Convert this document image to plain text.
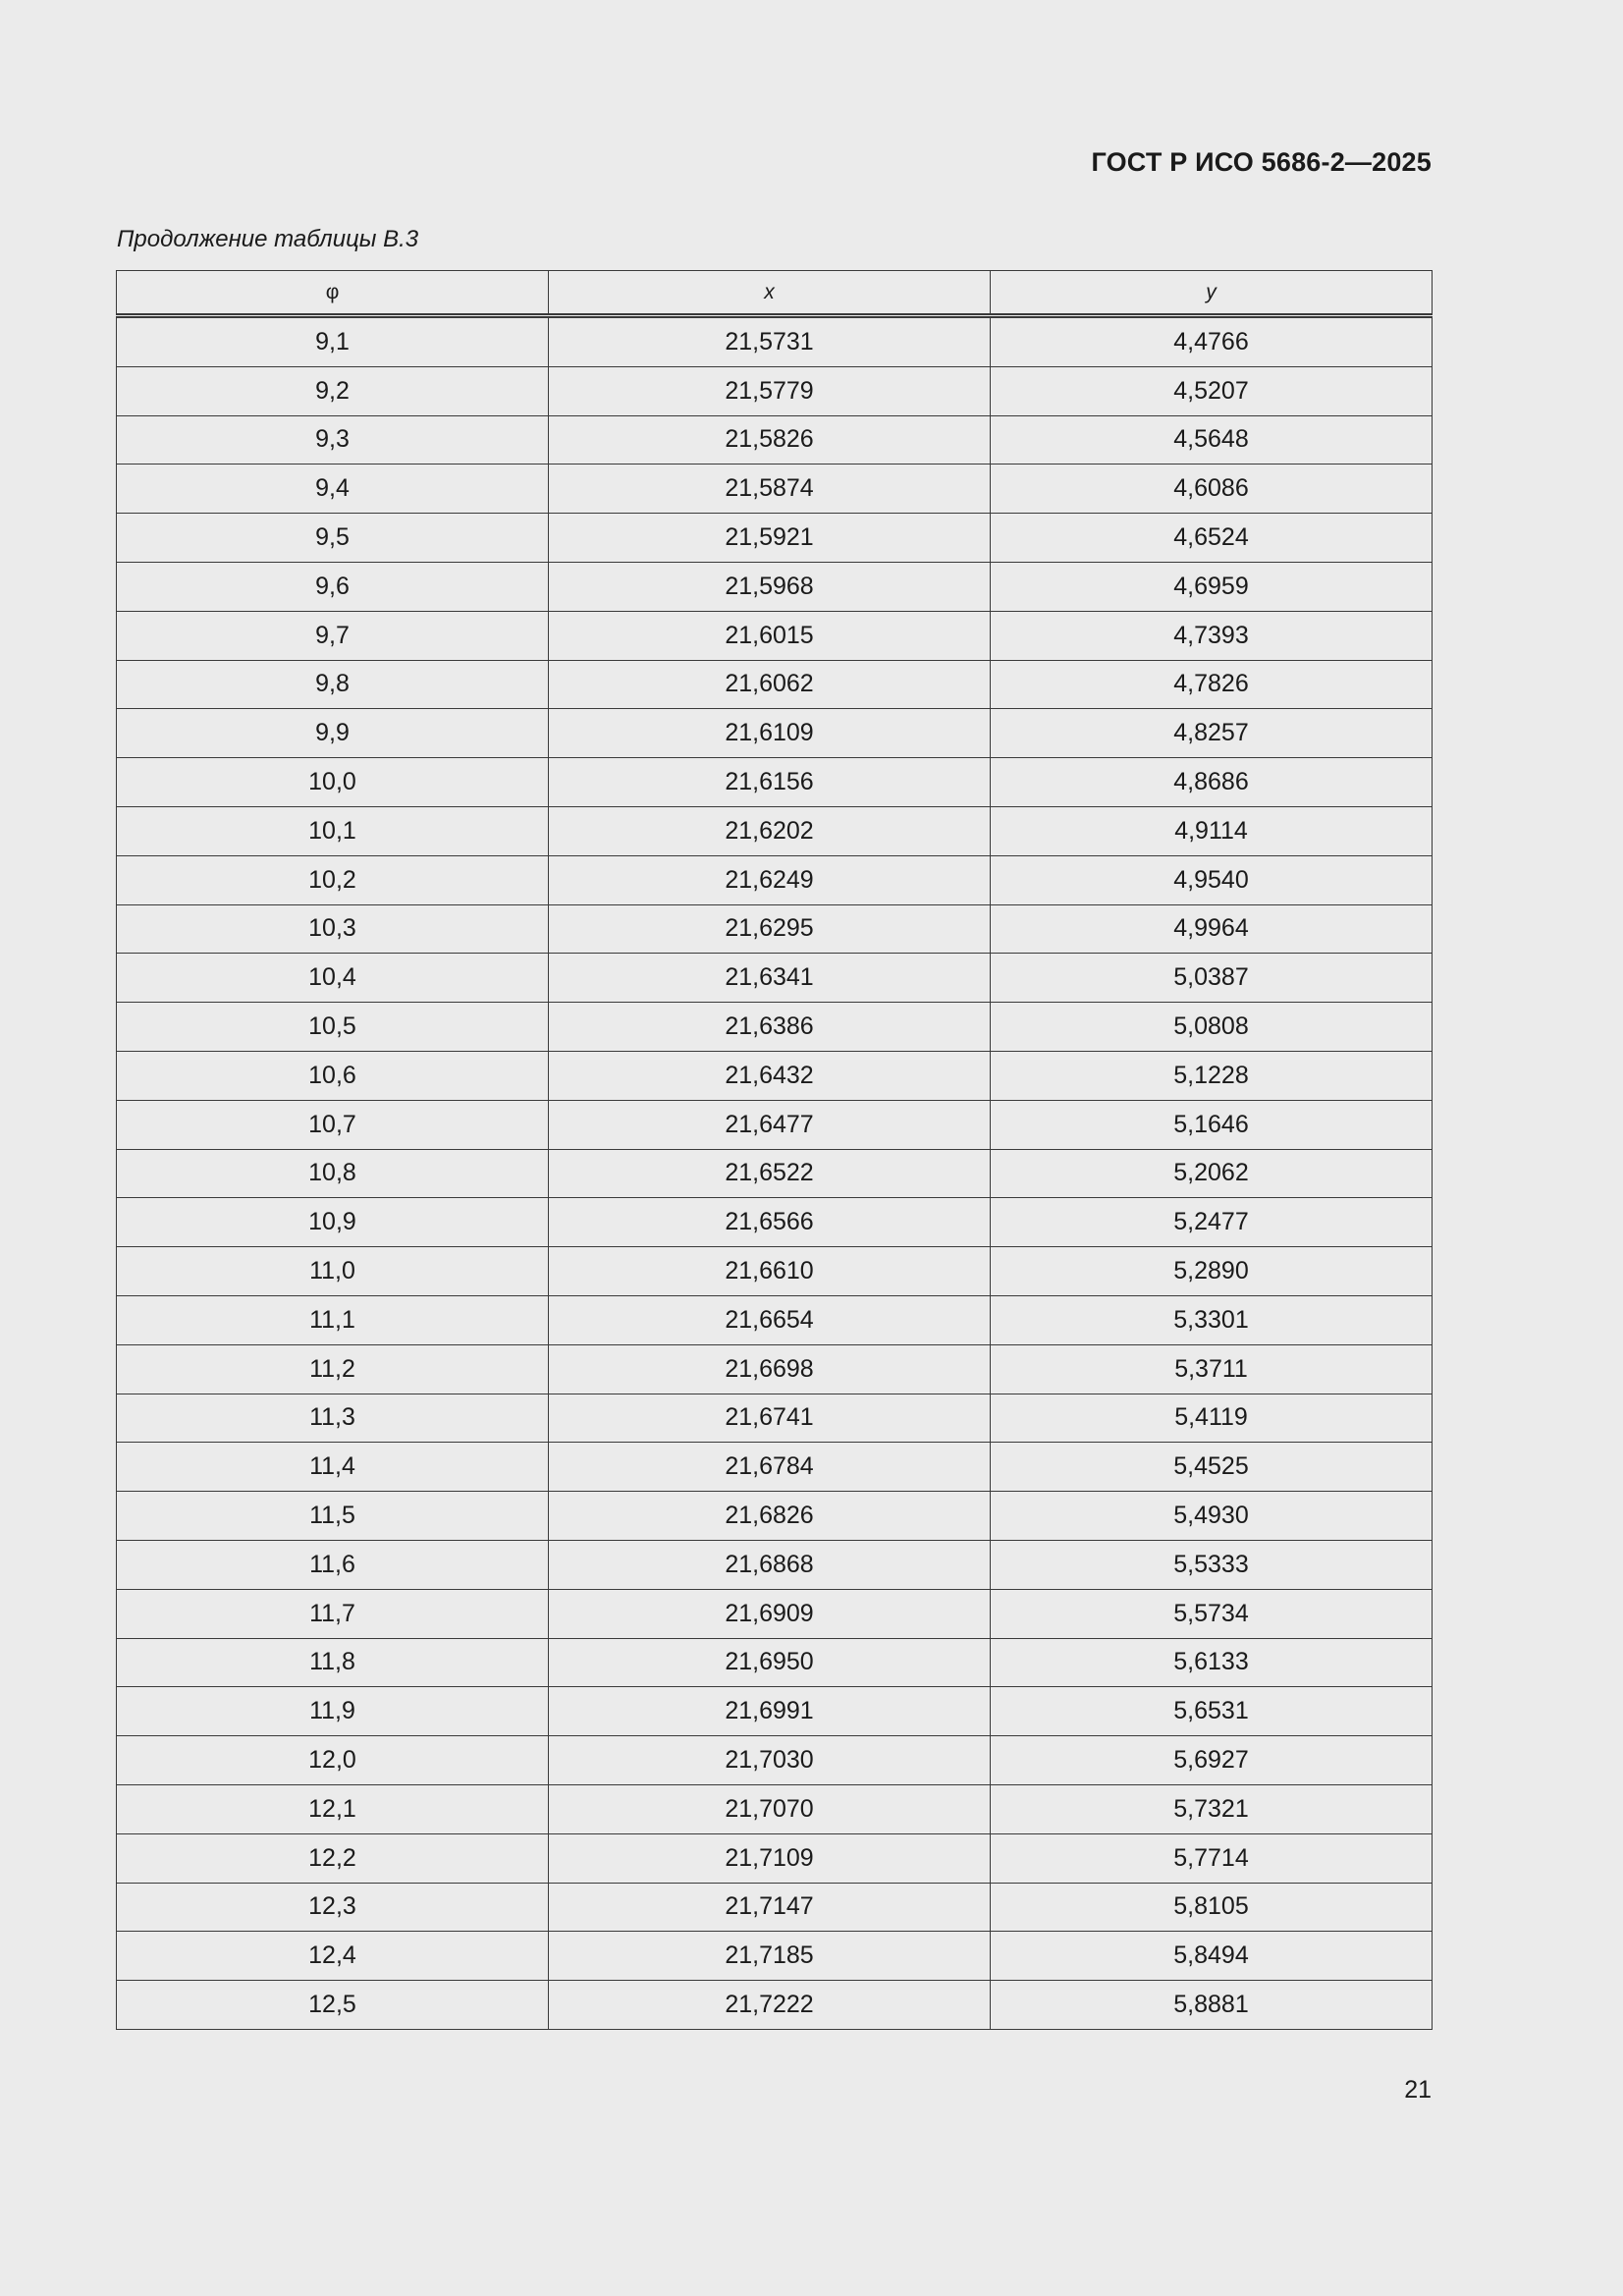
ГОСТ Р ИСО 5686-2—2025
Продолжение таблицы В.3
φ	x	y
9,1	21,5731	4,4766
9,2	21,5779	4,5207
9,3	21,5826	4,5648
9,4	21,5874	4,6086
9,5	21,5921	4,6524
9,6	21,5968	4,6959
9,7	21,6015	4,7393
9,8	21,6062	4,7826
9,9	21,6109	4,8257
10,0	21,6156	4,8686
10,1	21,6202	4,9114
10,2	21,6249	4,9540
10,3	21,6295	4,9964
10,4	21,6341	5,0387
10,5	21,6386	5,0808
10,6	21,6432	5,1228
10,7	21,6477	5,1646
10,8	21,6522	5,2062
10,9	21,6566	5,2477
11,0	21,6610	5,2890
11,1	21,6654	5,3301
11,2	21,6698	5,3711
11,3	21,6741	5,4119
11,4	21,6784	5,4525
11,5	21,6826	5,4930
11,6	21,6868	5,5333
11,7	21,6909	5,5734
11,8	21,6950	5,6133
11,9	21,6991	5,6531
12,0	21,7030	5,6927
12,1	21,7070	5,7321
12,2	21,7109	5,7714
12,3	21,7147	5,8105
12,4	21,7185	5,8494
12,5	21,7222	5,8881
21
